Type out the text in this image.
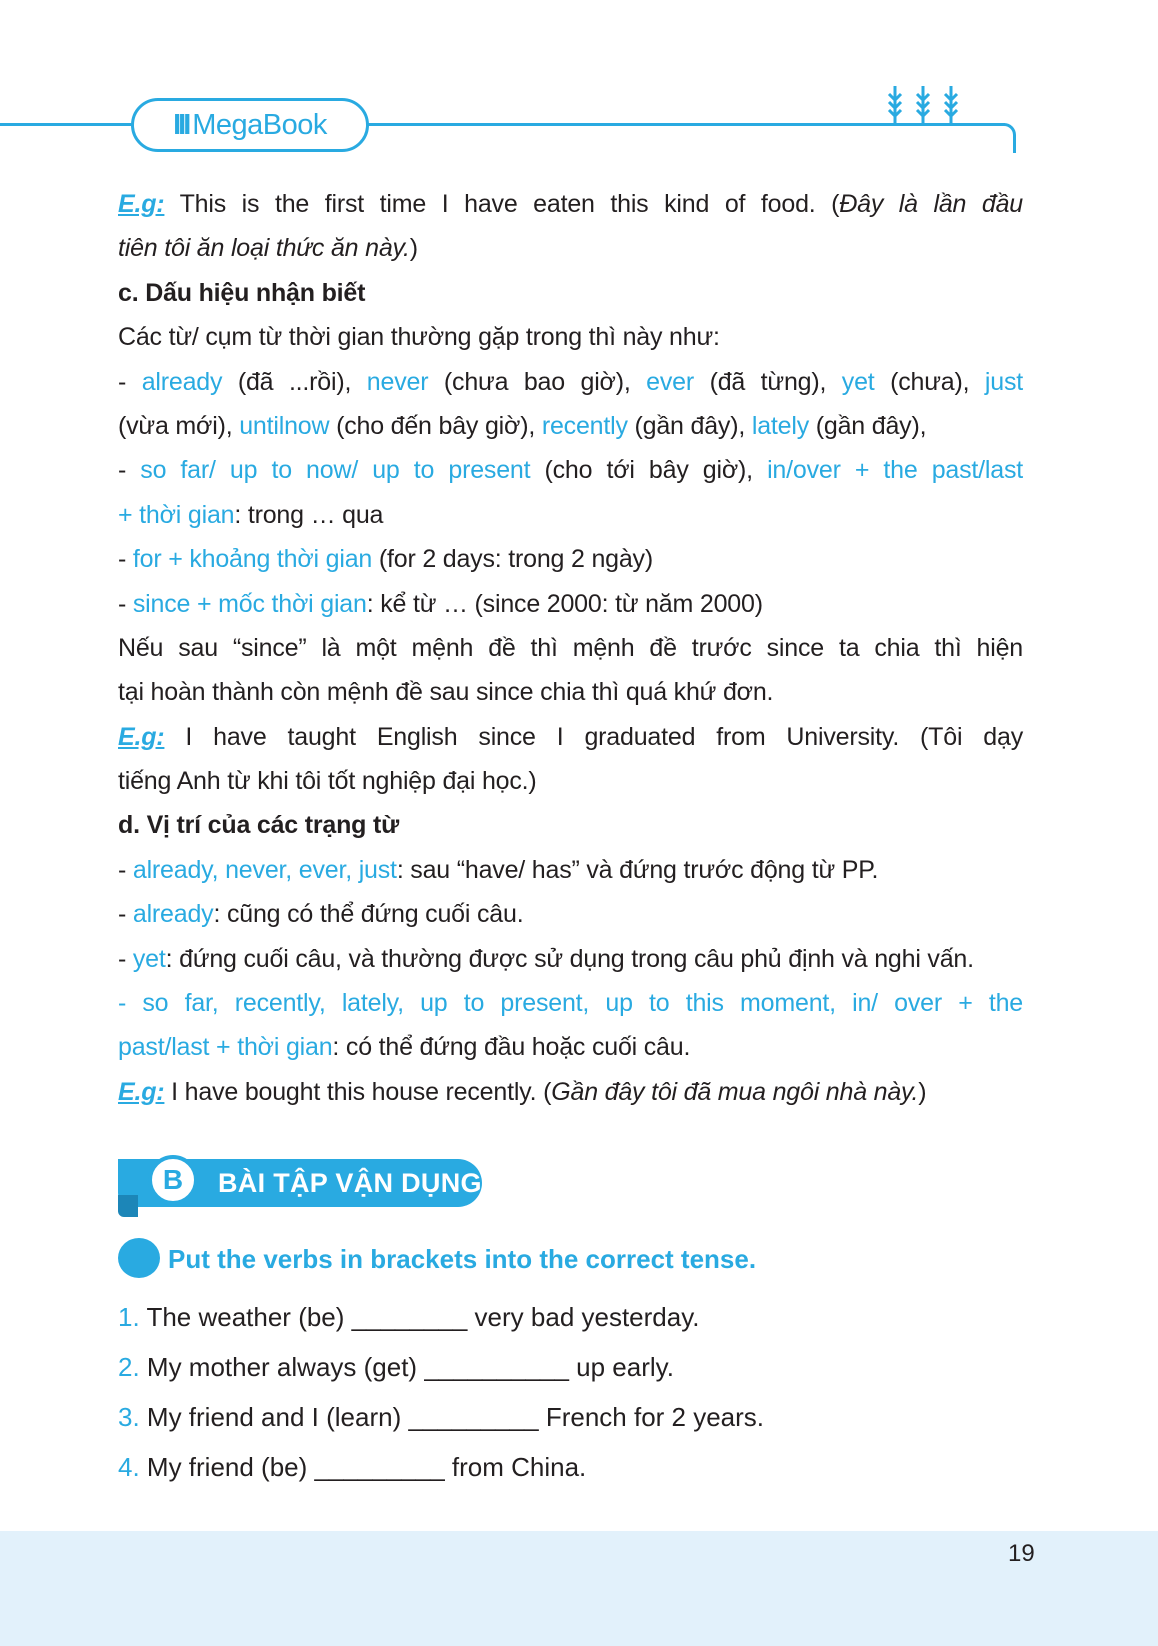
III MegaBook
E.g: This is the first time I have eaten this kind of food. (Đây là lần đầu
tiên tôi ăn loại thức ăn này.)
c. Dấu hiệu nhận biết
Các từ/ cụm từ thời gian thường gặp trong thì này như:
- already (đã ...rồi), never (chưa bao giờ), ever (đã từng), yet (chưa), just
(vừa mới), untilnow (cho đến bây giờ), recently (gần đây), lately (gần đây),
- so far/ up to now/ up to present (cho tới bây giờ), in/over + the past/last
+ thời gian: trong … qua
- for + khoảng thời gian (for 2 days: trong 2 ngày)
- since + mốc thời gian: kể từ … (since 2000: từ năm 2000)
Nếu sau “since” là một mệnh đề thì mệnh đề trước since ta chia thì hiện
tại hoàn thành còn mệnh đề sau since chia thì quá khứ đơn.
E.g: I have taught English since I graduated from University. (Tôi dạy
tiếng Anh từ khi tôi tốt nghiệp đại học.)
d. Vị trí của các trạng từ
- already, never, ever, just: sau “have/ has” và đứng trước động từ PP.
- already: cũng có thể đứng cuối câu.
- yet: đứng cuối câu, và thường được sử dụng trong câu phủ định và nghi vấn.
- so far, recently, lately, up to present, up to this moment, in/ over + the
past/last + thời gian: có thể đứng đầu hoặc cuối câu.
E.g: I have bought this house recently. (Gần đây tôi đã mua ngôi nhà này.)
B BÀI TẬP VẬN DỤNG
Put the verbs in brackets into the correct tense.
1. The weather (be) ________ very bad yesterday.
2. My mother always (get) __________ up early.
3. My friend and I (learn) _________ French for 2 years.
4. My friend (be) _________ from China.
19
